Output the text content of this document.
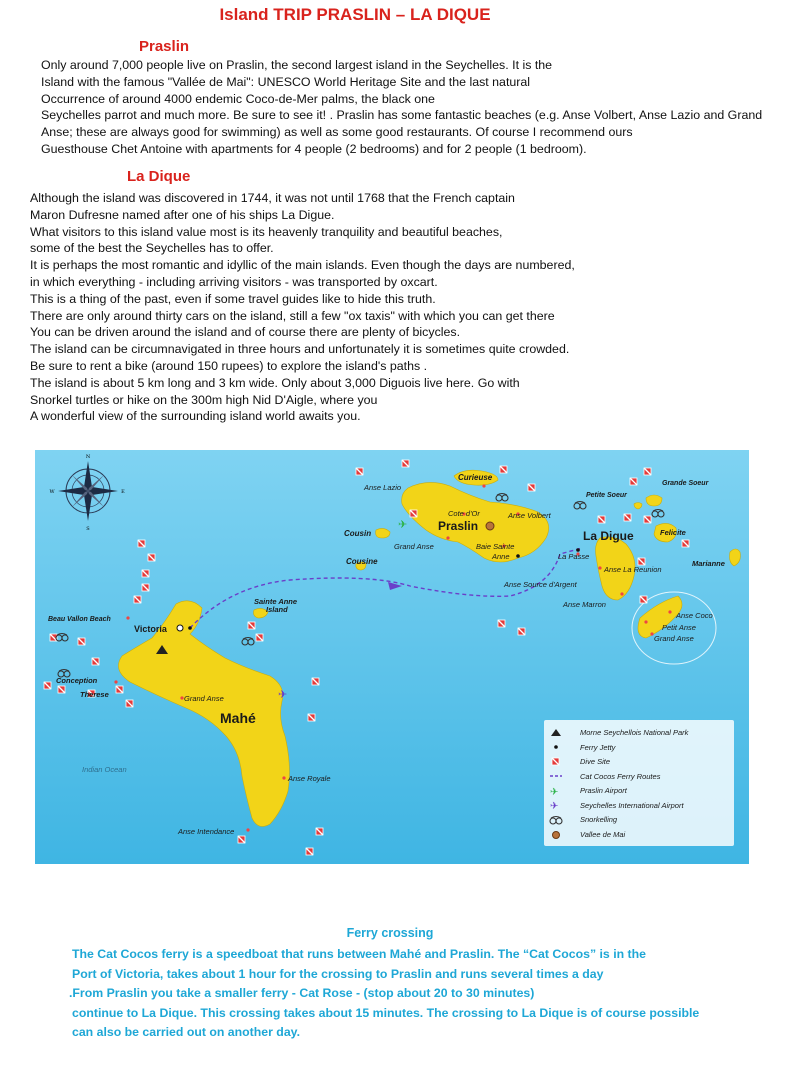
Island TRIP PRASLIN – LA DIQUE
Praslin
Only around 7,000 people live on Praslin, the second largest island in the Seychelles. It is the
Island with the famous "Vallée de Mai": UNESCO World Heritage Site and the last natural
Occurrence of around 4000 endemic Coco-de-Mer palms, the black one
Seychelles parrot and much more. Be sure to see it! . Praslin has some fantastic beaches (e.g. Anse Volbert, Anse Lazio and Grand
Anse; these are always good for swimming) as well as some good restaurants. Of course I recommend ours
Guesthouse Chet Antoine with apartments for 4 people (2 bedrooms) and for 2 people (1 bedroom).
La Dique
Although the island was discovered in 1744, it was not until 1768 that the French captain
Maron Dufresne named after one of his ships La Digue.
What visitors to this island value most is its heavenly tranquility and beautiful beaches,
some of the best the Seychelles has to offer.
It is perhaps the most romantic and idyllic of the main islands. Even though the days are numbered,
in which everything - including arriving visitors - was transported by oxcart.
This is a thing of the past, even if some travel guides like to hide this truth.
There are only around thirty cars on the island, still a few "ox taxis" with which you can get there
You can be driven around the island and of course there are plenty of bicycles.
The island can be circumnavigated in three hours and unfortunately it is sometimes quite crowded.
Be sure to rent a bike (around 150 rupees) to explore the island's paths .
The island is about 5 km long and 3 km wide. Only about 3,000 Diguois live here. Go with
Snorkel turtles or hike on the 300m high Nid D'Aigle, where you
A wonderful view of the surrounding island world awaits you.
N
S
E
W
✈
✈
Curieuse
Anse Lazio
Cote d'Or	Anse Volbert
Praslin
Cousin
Grand Anse	Baie Sainte
Anne
Cousine
Anse Source d'Argent
La Digue
La Passe
Anse La Reunion
Anse Marron
Petite Soeur
Grande Soeur
Felicite
Marianne
Anse Coco
Petit Anse
Grand Anse
Sainte Anne
Island
Beau Vallon Beach
Victoria
Conception
Therese	Grand Anse
Mahé
Indian Ocean
Anse Royale
Anse Intendance
✈
✈
Morne Seychellois National Park
Ferry Jetty
Dive Site
Cat Cocos Ferry Routes
Praslin Airport
Seychelles International Airport
Snorkelling
Vallee de Mai
Ferry crossing
The Cat Cocos ferry is a speedboat that runs between Mahé and Praslin. The “Cat Cocos” is in the
Port of Victoria, takes about 1 hour for the crossing to Praslin and runs several times a day
.From Praslin you take a smaller ferry - Cat Rose - (stop about 20 to 30 minutes)
continue to La Dique. This crossing takes about 15 minutes. The crossing to La Dique is of course possible
can also be carried out on another day.
